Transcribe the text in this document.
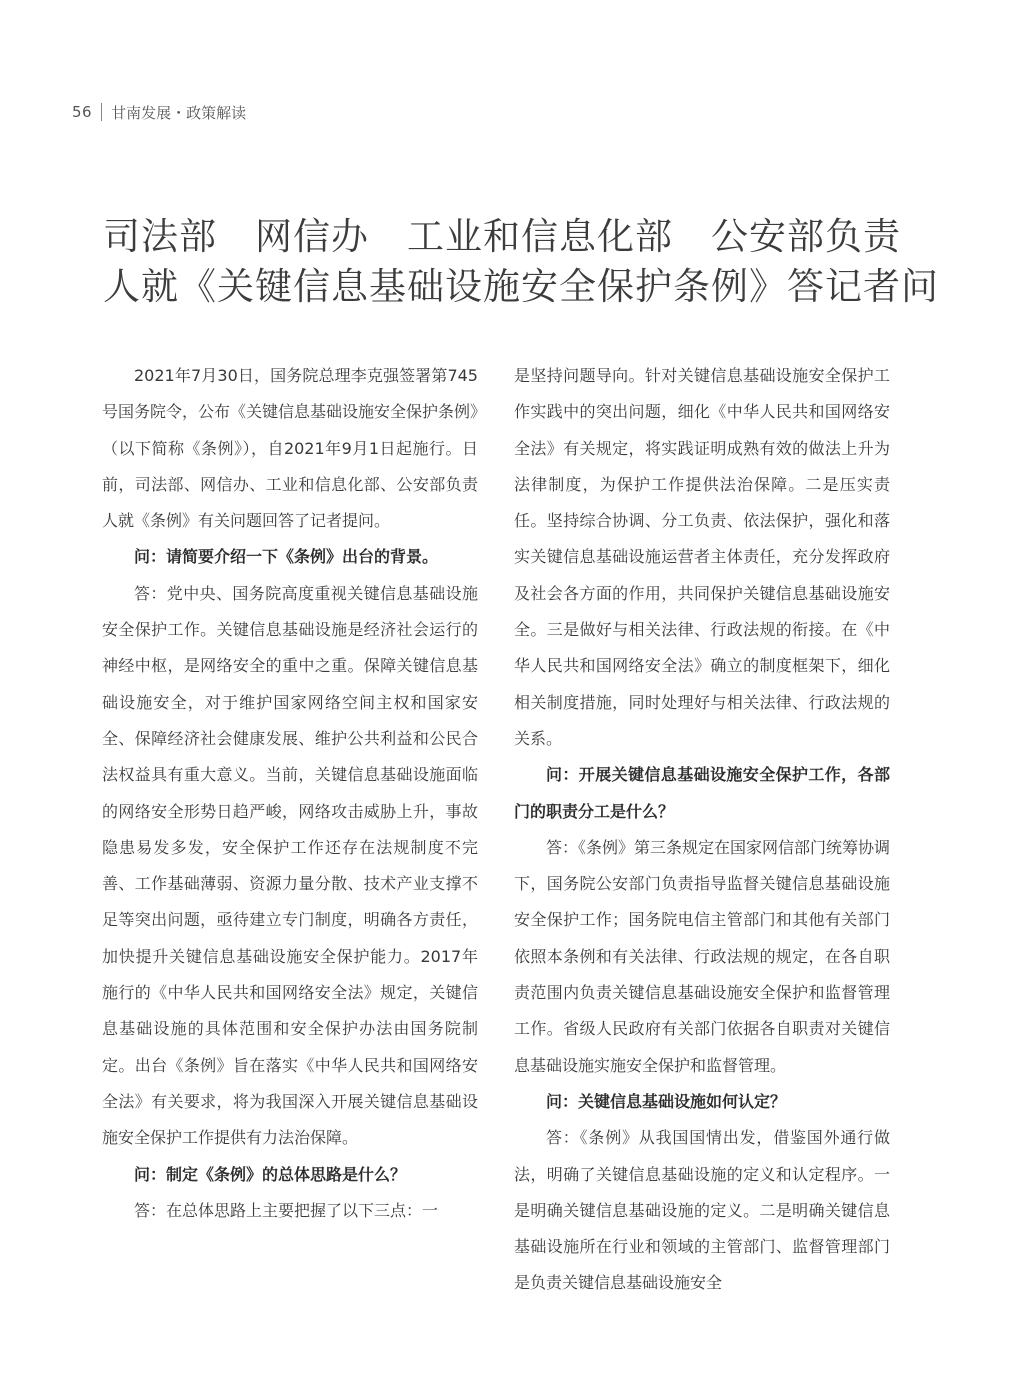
56 甘南发展・政策解读
司法部　网信办　工业和信息化部　公安部负责
人就《关键信息基础设施安全保护条例》答记者问

2021年7月30日，国务院总理李克强签署第745号国务院令，公布《关键信息基础设施安全保护条例》（以下简称《条例》），自2021年9月1日起施行。日前，司法部、网信办、工业和信息化部、公安部负责人就《条例》有关问题回答了记者提问。

问：请简要介绍一下《条例》出台的背景。

答：党中央、国务院高度重视关键信息基础设施安全保护工作。关键信息基础设施是经济社会运行的神经中枢，是网络安全的重中之重。保障关键信息基础设施安全，对于维护国家网络空间主权和国家安全、保障经济社会健康发展、维护公共利益和公民合法权益具有重大意义。当前，关键信息基础设施面临的网络安全形势日趋严峻，网络攻击威胁上升，事故隐患易发多发，安全保护工作还存在法规制度不完善、工作基础薄弱、资源力量分散、技术产业支撑不足等突出问题，亟待建立专门制度，明确各方责任，加快提升关键信息基础设施安全保护能力。2017年施行的《中华人民共和国网络安全法》规定，关键信息基础设施的具体范围和安全保护办法由国务院制定。出台《条例》旨在落实《中华人民共和国网络安全法》有关要求，将为我国深入开展关键信息基础设施安全保护工作提供有力法治保障。

问：制定《条例》的总体思路是什么？

答：在总体思路上主要把握了以下三点：一

是坚持问题导向。针对关键信息基础设施安全保护工作实践中的突出问题，细化《中华人民共和国网络安全法》有关规定，将实践证明成熟有效的做法上升为法律制度，为保护工作提供法治保障。二是压实责任。坚持综合协调、分工负责、依法保护，强化和落实关键信息基础设施运营者主体责任，充分发挥政府及社会各方面的作用，共同保护关键信息基础设施安全。三是做好与相关法律、行政法规的衔接。在《中华人民共和国网络安全法》确立的制度框架下，细化相关制度措施，同时处理好与相关法律、行政法规的关系。

问：开展关键信息基础设施安全保护工作，各部门的职责分工是什么？

答：《条例》第三条规定在国家网信部门统筹协调下，国务院公安部门负责指导监督关键信息基础设施安全保护工作；国务院电信主管部门和其他有关部门依照本条例和有关法律、行政法规的规定，在各自职责范围内负责关键信息基础设施安全保护和监督管理工作。省级人民政府有关部门依据各自职责对关键信息基础设施实施安全保护和监督管理。

问：关键信息基础设施如何认定？

答：《条例》从我国国情出发，借鉴国外通行做法，明确了关键信息基础设施的定义和认定程序。一是明确关键信息基础设施的定义。二是明确关键信息基础设施所在行业和领域的主管部门、监督管理部门是负责关键信息基础设施安全
